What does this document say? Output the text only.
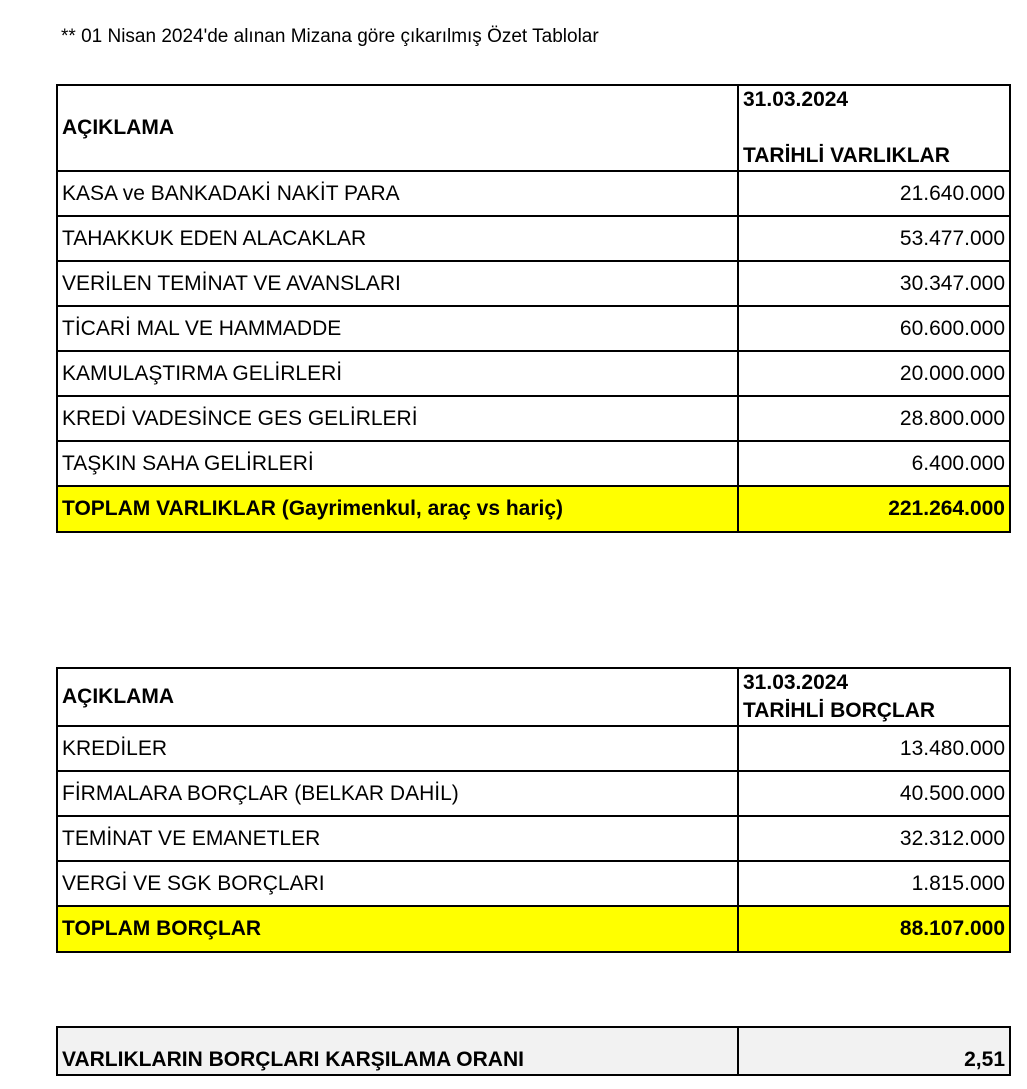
** 01 Nisan 2024'de alınan Mizana göre çıkarılmış Özet Tablolar
AÇIKLAMA	31.03.2024
TARİHLİ VARLIKLAR

KASA ve BANKADAKİ NAKİT PARA	21.640.000
TAHAKKUK EDEN ALACAKLAR	53.477.000
VERİLEN TEMİNAT VE AVANSLARI	30.347.000
TİCARİ MAL VE HAMMADDE	60.600.000
KAMULAŞTIRMA GELİRLERİ	20.000.000
KREDİ VADESİNCE GES GELİRLERİ	28.800.000
TAŞKIN SAHA GELİRLERİ	6.400.000
TOPLAM VARLIKLAR (Gayrimenkul, araç vs hariç)	221.264.000
AÇIKLAMA	31.03.2024
TARİHLİ BORÇLAR

KREDİLER	13.480.000
FİRMALARA BORÇLAR (BELKAR DAHİL)	40.500.000
TEMİNAT VE EMANETLER	32.312.000
VERGİ VE SGK BORÇLARI	1.815.000
TOPLAM BORÇLAR	88.107.000
VARLIKLARIN BORÇLARI KARŞILAMA ORANI	2,51
